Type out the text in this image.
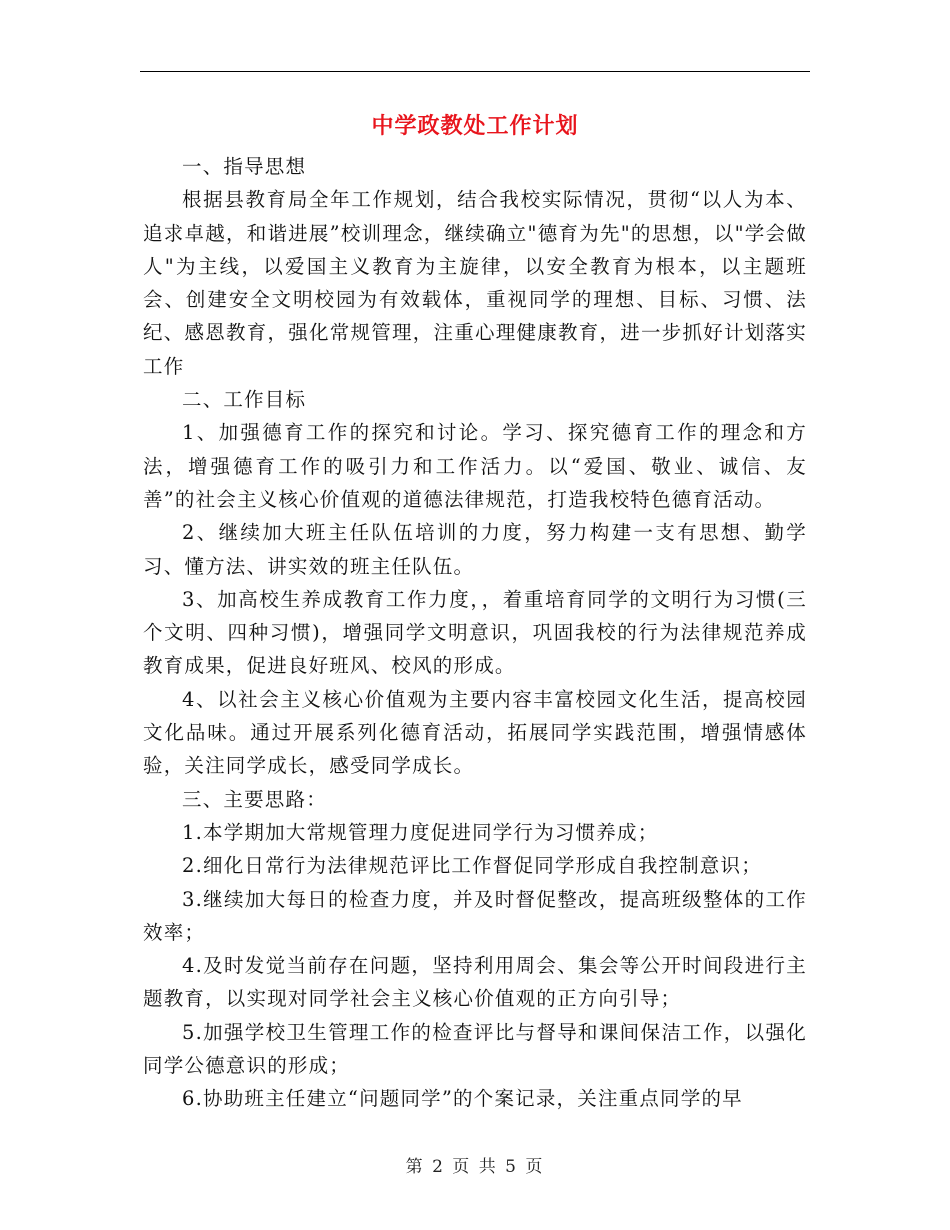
中学政教处工作计划

一、指导思想

根据县教育局全年工作规划，结合我校实际情况，贯彻“以人为本、追求卓越，和谐进展”校训理念，继续确立"德育为先"的思想，以"学会做人"为主线，以爱国主义教育为主旋律，以安全教育为根本，以主题班会、创建安全文明校园为有效载体，重视同学的理想、目标、习惯、法纪、感恩教育，强化常规管理，注重心理健康教育，进一步抓好计划落实工作

二、工作目标

1、加强德育工作的探究和讨论。学习、探究德育工作的理念和方法，增强德育工作的吸引力和工作活力。以“爱国、敬业、诚信、友善”的社会主义核心价值观的道德法律规范，打造我校特色德育活动。

2、继续加大班主任队伍培训的力度，努力构建一支有思想、勤学习、懂方法、讲实效的班主任队伍。

3、加高校生养成教育工作力度，，着重培育同学的文明行为习惯(三个文明、四种习惯)，增强同学文明意识，巩固我校的行为法律规范养成教育成果，促进良好班风、校风的形成。

4、以社会主义核心价值观为主要内容丰富校园文化生活，提高校园文化品味。通过开展系列化德育活动，拓展同学实践范围，增强情感体验，关注同学成长，感受同学成长。

三、主要思路：

1.本学期加大常规管理力度促进同学行为习惯养成；

2.细化日常行为法律规范评比工作督促同学形成自我控制意识；

3.继续加大每日的检查力度，并及时督促整改，提高班级整体的工作效率；

4.及时发觉当前存在问题，坚持利用周会、集会等公开时间段进行主题教育，以实现对同学社会主义核心价值观的正方向引导；

5.加强学校卫生管理工作的检查评比与督导和课间保洁工作，以强化同学公德意识的形成；

6.协助班主任建立“问题同学”的个案记录，关注重点同学的早

第 2 页 共 5 页
